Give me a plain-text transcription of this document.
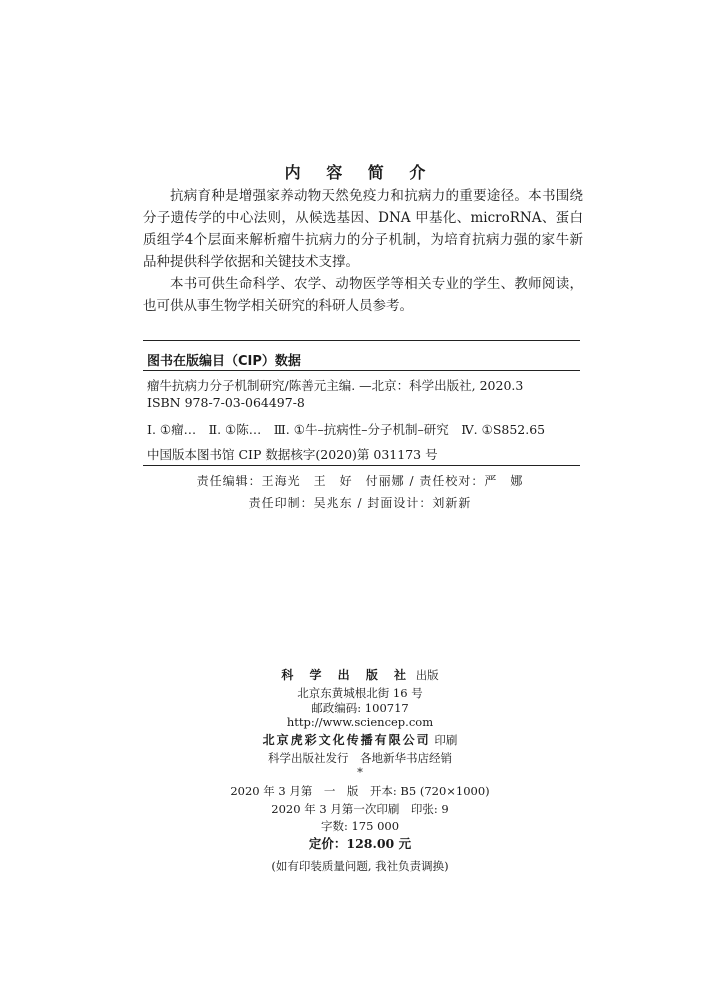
内 容 简 介

抗病育种是增强家养动物天然免疫力和抗病力的重要途径。本书围绕分子遗传学的中心法则，从候选基因、DNA 甲基化、microRNA、蛋白质组学4个层面来解析瘤牛抗病力的分子机制，为培育抗病力强的家牛新品种提供科学依据和关键技术支撑。

本书可供生命科学、农学、动物医学等相关专业的学生、教师阅读，也可供从事生物学相关研究的科研人员参考。

图书在版编目（CIP）数据
瘤牛抗病力分子机制研究/陈善元主编. —北京：科学出版社, 2020.3
ISBN 978-7-03-064497-8
Ⅰ. ①瘤…　Ⅱ. ①陈…　Ⅲ. ①牛–抗病性–分子机制–研究　Ⅳ. ①S852.65
中国版本图书馆 CIP 数据核字(2020)第 031173 号
责任编辑：王海光　王　好　付丽娜 / 责任校对：严　娜
责任印制：吴兆东 / 封面设计：刘新新
科 学 出 版 社 出版
北京东黄城根北街 16 号
邮政编码: 100717
http://www.sciencep.com
北京虎彩文化传播有限公司 印刷
科学出版社发行　各地新华书店经销
*
2020 年 3 月第　一　版　开本: B5 (720×1000)
2020 年 3 月第一次印刷　印张: 9
字数: 175 000
定价：128.00 元
(如有印装质量问题, 我社负责调换)
